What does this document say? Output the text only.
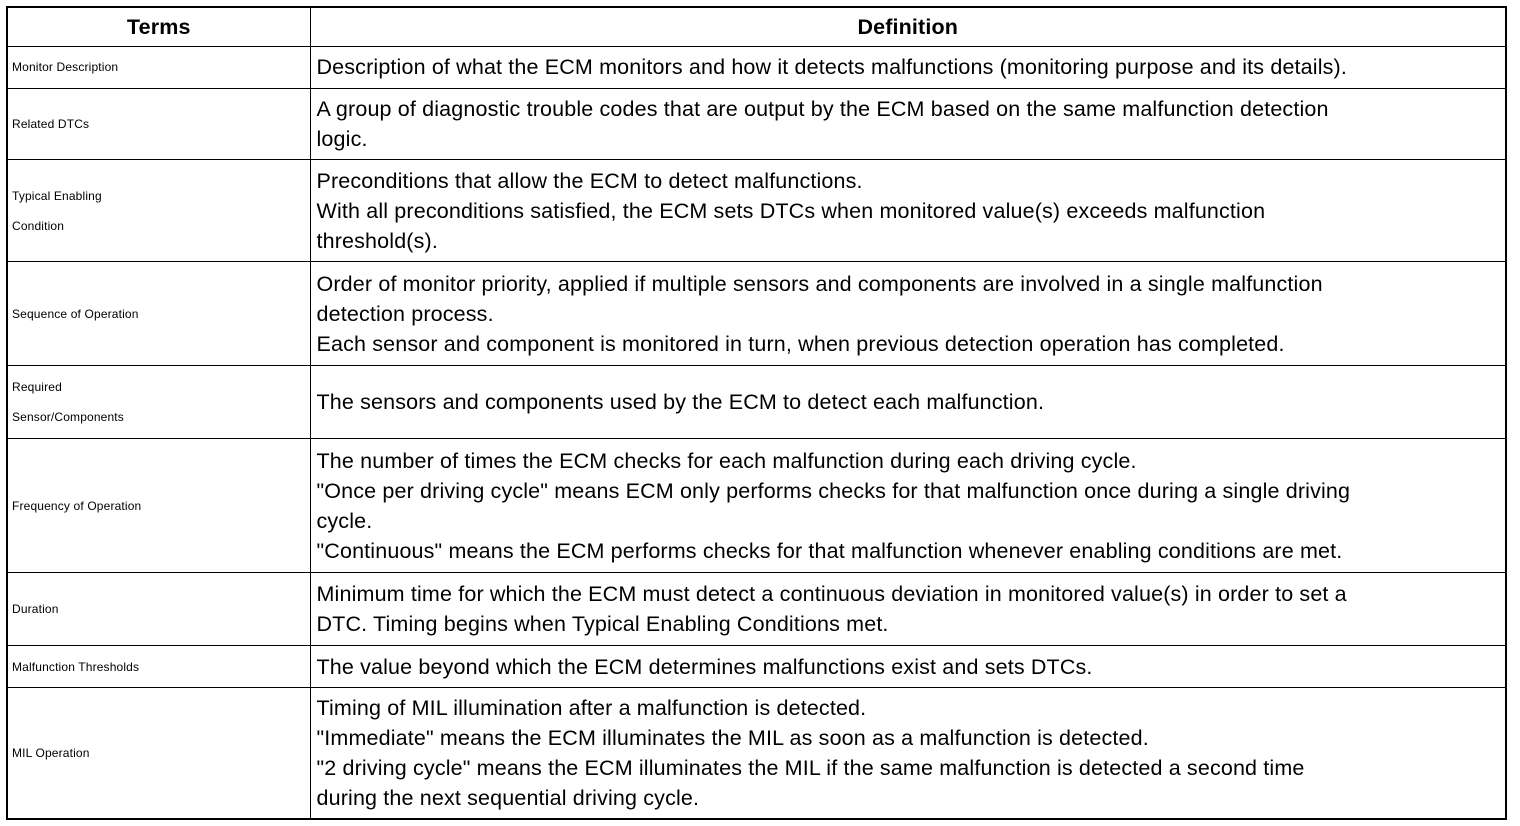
Terms	Definition

Monitor Description	Description of what the ECM monitors and how it detects malfunctions (monitoring purpose and its details).

Related DTCs	A group of diagnostic trouble codes that are output by the ECM based on the same malfunction detection
logic.

Typical Enabling
Condition	Preconditions that allow the ECM to detect malfunctions.
With all preconditions satisfied, the ECM sets DTCs when monitored value(s) exceeds malfunction
threshold(s).

Sequence of Operation	Order of monitor priority, applied if multiple sensors and components are involved in a single malfunction
detection process.
Each sensor and component is monitored in turn, when previous detection operation has completed.

Required
Sensor/Components	The sensors and components used by the ECM to detect each malfunction.

Frequency of Operation	The number of times the ECM checks for each malfunction during each driving cycle.
"Once per driving cycle" means ECM only performs checks for that malfunction once during a single driving
cycle.
"Continuous" means the ECM performs checks for that malfunction whenever enabling conditions are met.

Duration	Minimum time for which the ECM must detect a continuous deviation in monitored value(s) in order to set a
DTC. Timing begins when Typical Enabling Conditions met.

Malfunction Thresholds	The value beyond which the ECM determines malfunctions exist and sets DTCs.

MIL Operation	Timing of MIL illumination after a malfunction is detected.
"Immediate" means the ECM illuminates the MIL as soon as a malfunction is detected.
"2 driving cycle" means the ECM illuminates the MIL if the same malfunction is detected a second time
during the next sequential driving cycle.
